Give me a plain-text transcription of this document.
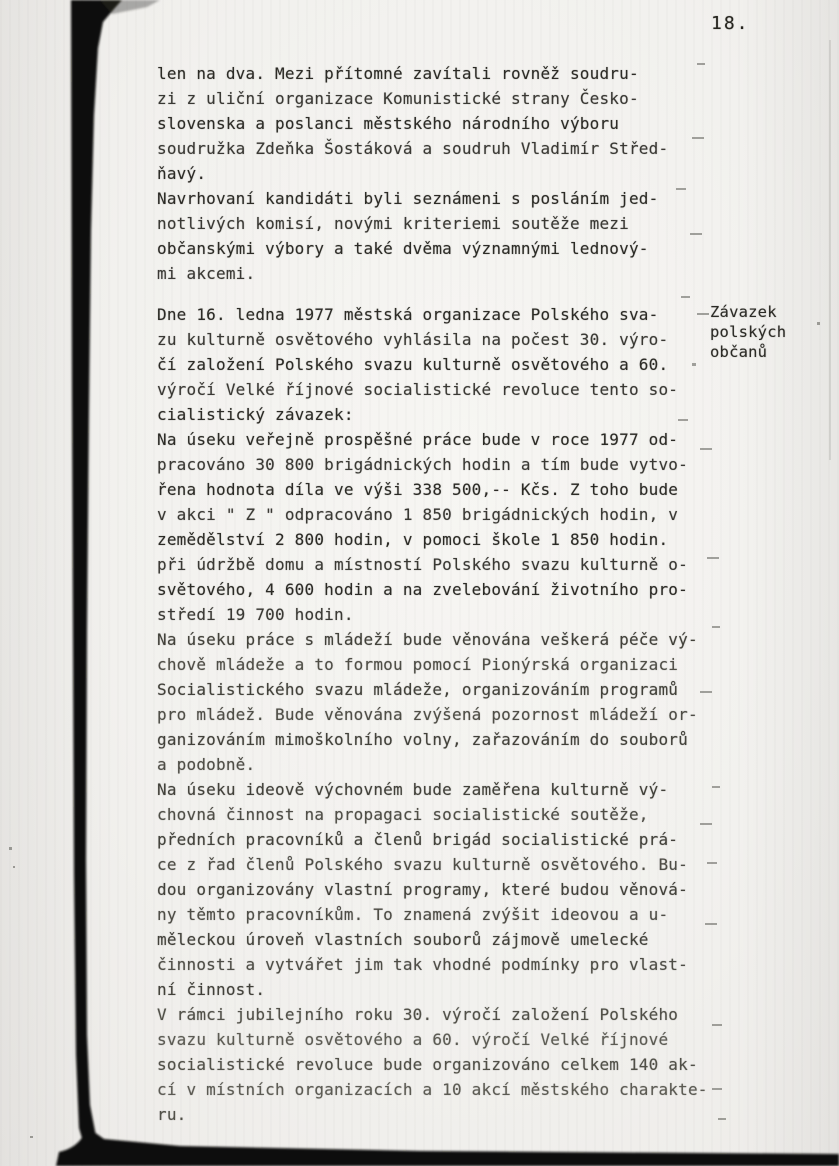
18.
len na dva. Mezi přítomné zavítali rovněž soudru-
zi z uliční organizace Komunistické strany Česko-
slovenska a poslanci městského národního výboru
soudružka Zdeňka Šostáková a soudruh Vladimír Střed-
ňavý.
Navrhovaní kandidáti byli seznámeni s posláním jed-
notlivých komisí, novými kriteriemi soutěže mezi
občanskými výbory a také dvěma významnými lednový-
mi akcemi.
Dne 16. ledna 1977 městská organizace Polského sva-
zu kulturně osvětového vyhlásila na počest 30. výro-
čí založení Polského svazu kulturně osvětového a 60.
výročí Velké říjnové socialistické revoluce tento so-
cialistický závazek:
Na úseku veřejně prospěšné práce bude v roce 1977 od-
pracováno 30 800 brigádnických hodin a tím bude vytvo-
řena hodnota díla ve výši 338 500,-- Kčs. Z toho bude
v akci " Z " odpracováno 1 850 brigádnických hodin, v
zemědělství 2 800 hodin, v pomoci škole 1 850 hodin.
při údržbě domu a místností Polského svazu kulturně o-
světového, 4 600 hodin a na zvelebování životního pro-
středí 19 700 hodin.
Na úseku práce s mládeží bude věnována veškerá péče vý-
chově mládeže a to formou pomocí Pionýrská organizaci
Socialistického svazu mládeže, organizováním programů
pro mládež. Bude věnována zvýšená pozornost mládeží or-
ganizováním mimoškolního volny, zařazováním do souborů
a podobně.
Na úseku ideově výchovném bude zaměřena kulturně vý-
chovná činnost na propagaci socialistické soutěže,
předních pracovníků a členů brigád socialistické prá-
ce z řad členů Polského svazu kulturně osvětového. Bu-
dou organizovány vlastní programy, které budou věnová-
ny těmto pracovníkům. To znamená zvýšit ideovou a u-
měleckou úroveň vlastních souborů zájmově umelecké
činnosti a vytvářet jim tak vhodné podmínky pro vlast-
ní činnost.
V rámci jubilejního roku 30. výročí založení Polského
svazu kulturně osvětového a 60. výročí Velké říjnové
socialistické revoluce bude organizováno celkem 140 ak-
cí v místních organizacích a 10 akcí městského charakte-
ru.
Závazek
polských
občanů
